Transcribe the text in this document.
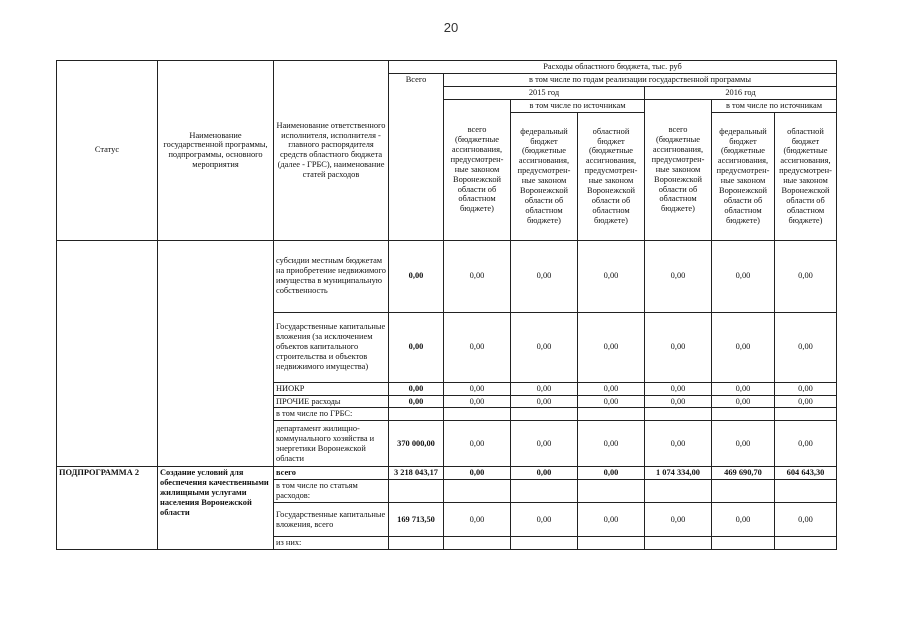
20
Статус	Наименование государственной программы, подпрограммы, основного мероприятия	Наименование ответственного исполнителя, исполнителя - главного распорядителя средств областного бюджета (далее - ГРБС), наименование статей расходов	Расходы областного бюджета, тыс. руб						
			Всего	в том числе по годам реализации государственной программы					
				2015 год			2016 год		
				всего (бюджетные ассигнования, предусмотрен-ные законом Воронежской области об областном бюджете)	в том числе по источникам		всего (бюджетные ассигнования, предусмотрен-ные законом Воронежской области об областном бюджете)	в том числе по источникам	
					федеральный бюджет (бюджетные ассигнования, предусмотрен-ные законом Воронежской области об областном бюджете)	областной бюджет (бюджетные ассигнования, предусмотрен-ные законом Воронежской области об областном бюджете)		федеральный бюджет (бюджетные ассигнования, предусмотрен-ные законом Воронежской области об областном бюджете)	областной бюджет (бюджетные ассигнования, предусмотрен-ные законом Воронежской области об областном бюджете)
		субсидии местным бюджетам на приобретение недвижимого имущества в муниципальную собственность	0,00	0,00	0,00	0,00	0,00	0,00	0,00
		Государственные капитальные вложения (за исключением объектов капитального строительства и объектов недвижимого имущества)	0,00	0,00	0,00	0,00	0,00	0,00	0,00
		НИОКР	0,00	0,00	0,00	0,00	0,00	0,00	0,00
		ПРОЧИЕ расходы	0,00	0,00	0,00	0,00	0,00	0,00	0,00
		в том числе по ГРБС:							
		департамент жилищно-коммунального хозяйства и энергетики Воронежской области	370 000,00	0,00	0,00	0,00	0,00	0,00	0,00
ПОДПРОГРАММА 2	Создание условий для обеспечения качественными жилищными услугами населения Воронежской области	всего	3 218 043,17	0,00	0,00	0,00	1 074 334,00	469 690,70	604 643,30
		в том числе по статьям расходов:							
		Государственные капитальные вложения, всего	169 713,50	0,00	0,00	0,00	0,00	0,00	0,00
		из них:							
